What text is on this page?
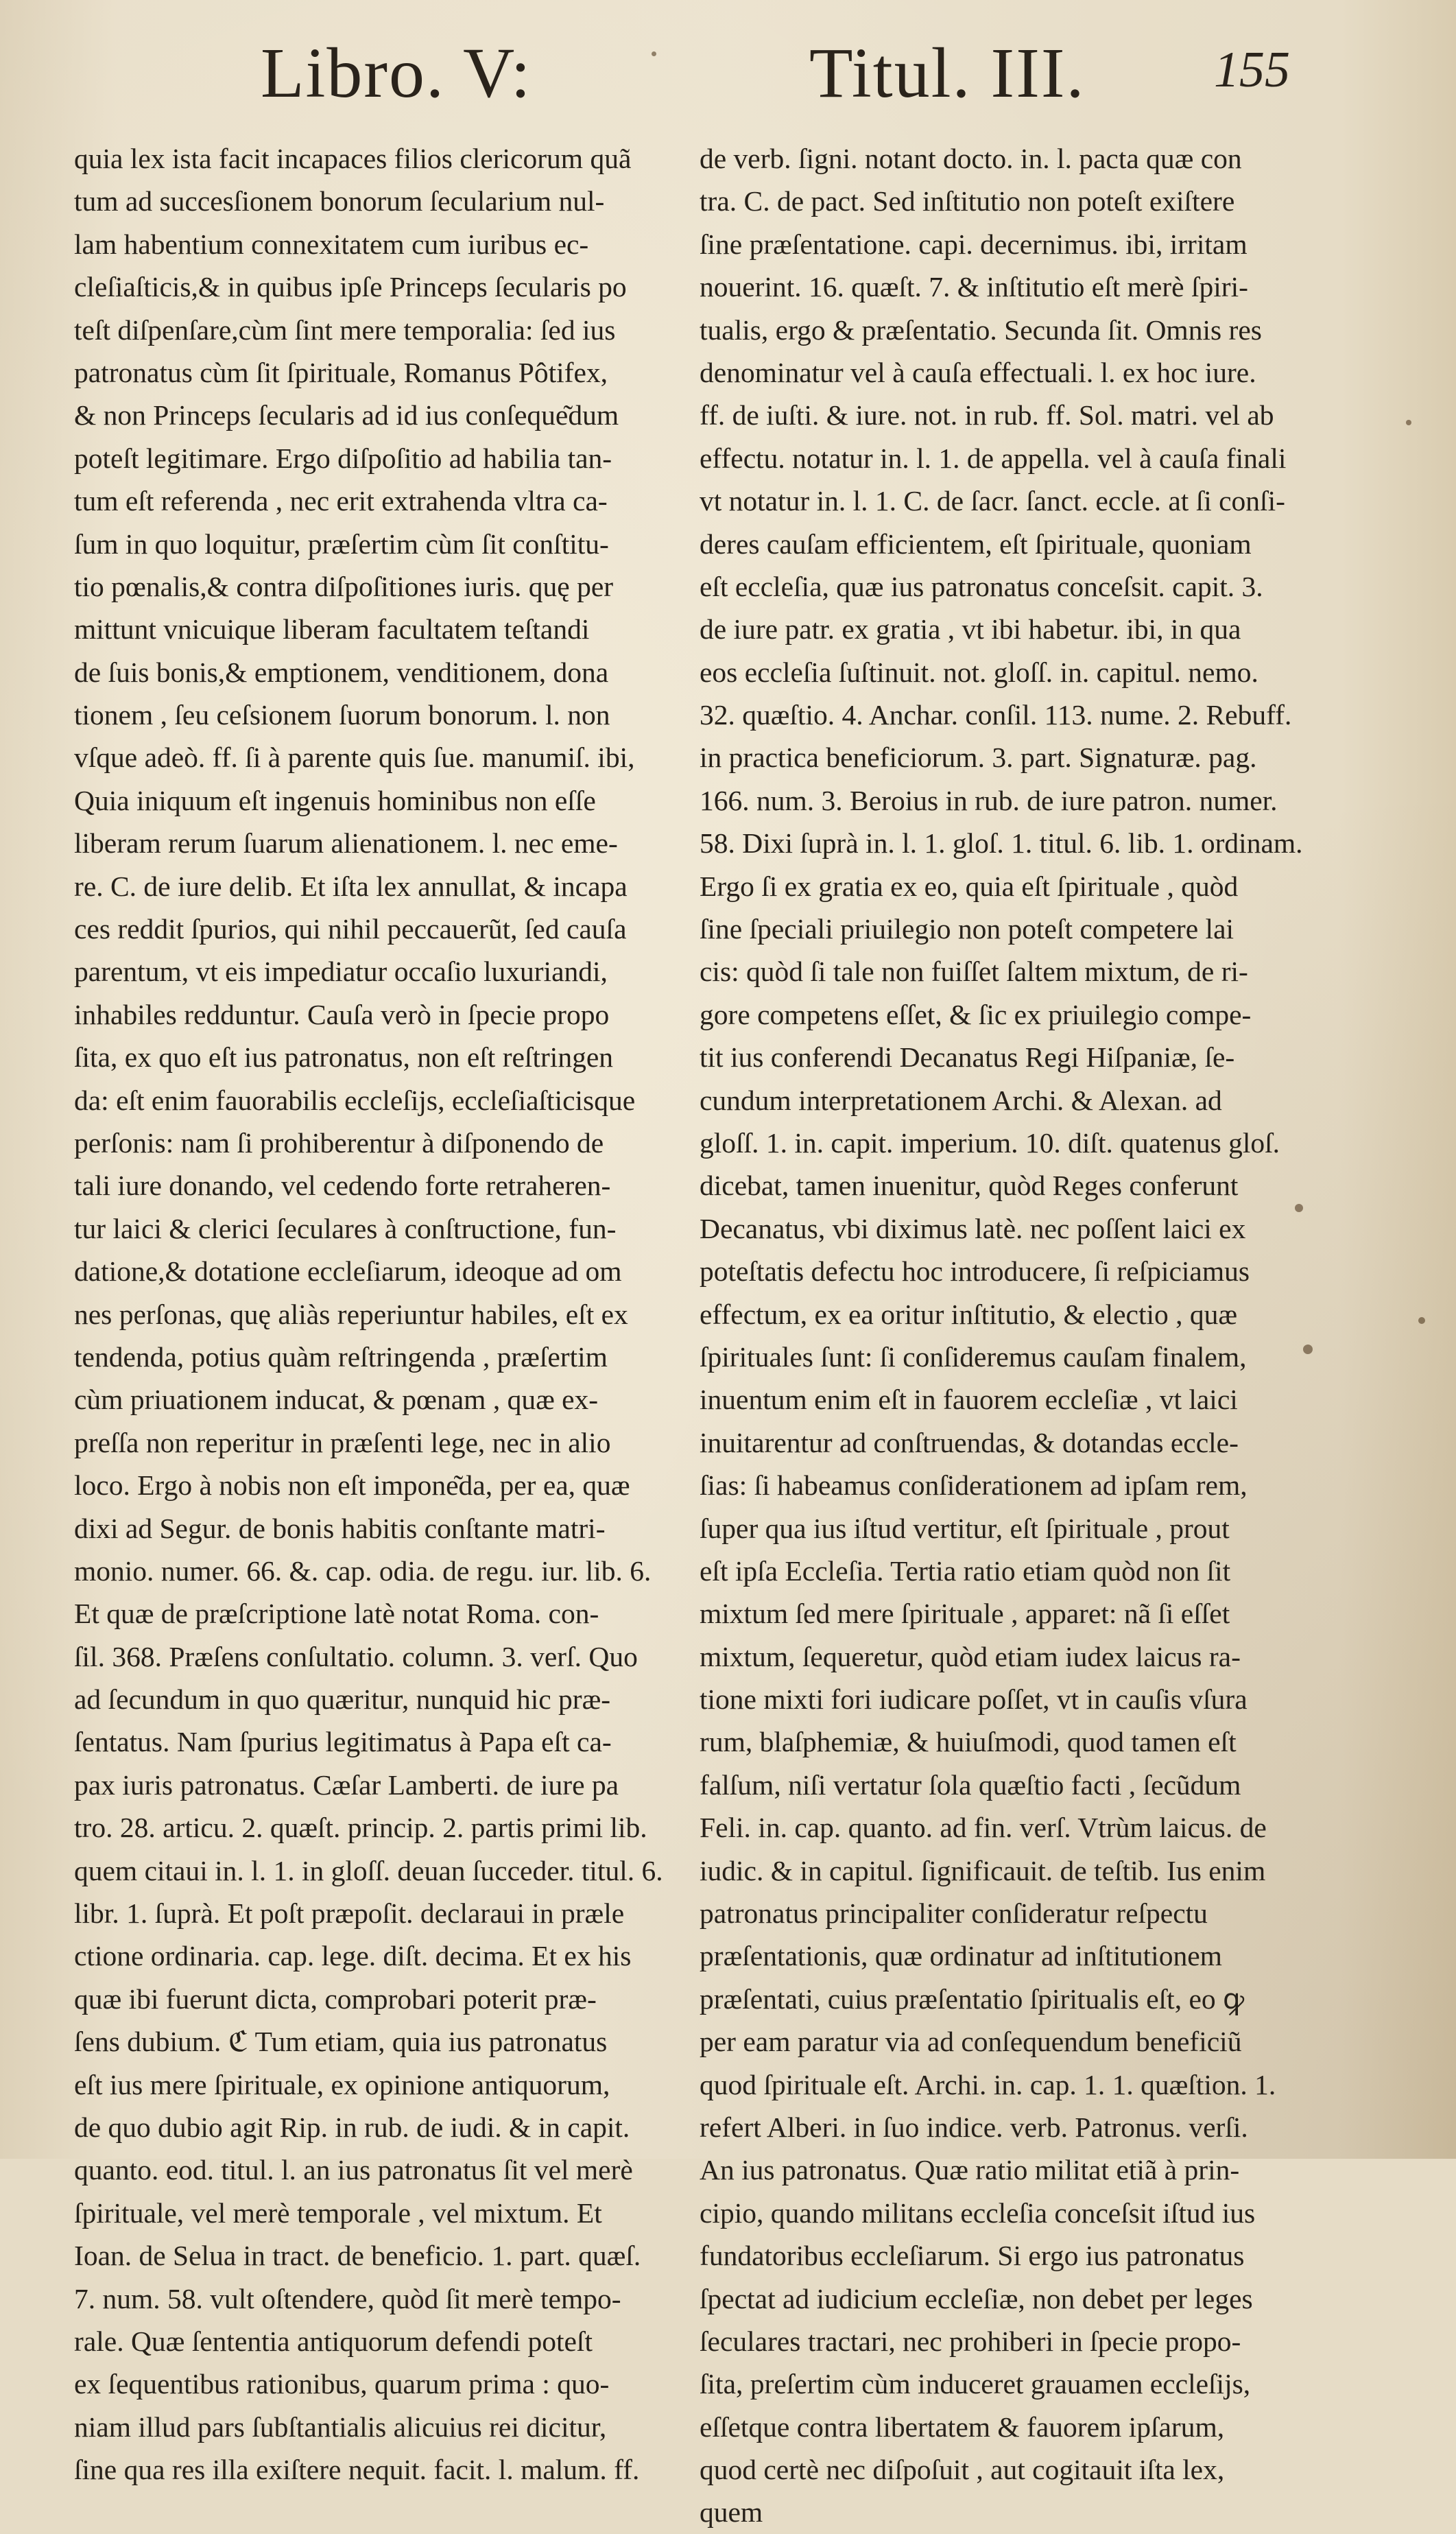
Libro. V:	Titul. III.	155
quia lex ista facit incapaces filios clericorum quã
tum ad succesſionem bonorum ſecularium nul-
lam habentium connexitatem cum iuribus ec-
cleſiaſticis,& in quibus ipſe Princeps ſecularis po
teſt diſpenſare,cùm ſint mere temporalia: ſed ius
patronatus cùm ſit ſpirituale, Romanus Pôtifex,
& non Princeps ſecularis ad id ius conſeque͂dum
poteſt legitimare. Ergo diſpoſitio ad habilia tan-
tum eſt referenda , nec erit extrahenda vltra ca-
ſum in quo loquitur, præſertim cùm ſit conſtitu-
tio pœnalis,& contra diſpoſitiones iuris. quę per
mittunt vnicuique liberam facultatem teſtandi
de ſuis bonis,& emptionem, venditionem, dona
tionem , ſeu ceſsionem ſuorum bonorum. l. non
vſque adeò. ff. ſi à parente quis ſue. manumiſ. ibi,
Quia iniquum eſt ingenuis hominibus non eſſe
liberam rerum ſuarum alienationem. l. nec eme-
re. C. de iure delib. Et iſta lex annullat, & incapa
ces reddit ſpurios, qui nihil peccauerũt, ſed cauſa
parentum, vt eis impediatur occaſio luxuriandi,
inhabiles redduntur. Cauſa verò in ſpecie propo
ſita, ex quo eſt ius patronatus, non eſt reſtringen
da: eſt enim fauorabilis eccleſijs, eccleſiaſticisque
perſonis: nam ſi prohiberentur à diſponendo de
tali iure donando, vel cedendo forte retraheren-
tur laici & clerici ſeculares à conſtructione, fun-
datione,& dotatione eccleſiarum, ideoque ad om
nes perſonas, quę aliàs reperiuntur habiles, eſt ex
tendenda, potius quàm reſtringenda , præſertim
cùm priuationem inducat, & pœnam , quæ ex-
preſſa non reperitur in præſenti lege, nec in alio
loco. Ergo à nobis non eſt impone͂da, per ea, quæ
dixi ad Segur. de bonis habitis conſtante matri-
monio. numer. 66. &. cap. odia. de regu. iur. lib. 6.
Et quæ de præſcriptione latè notat Roma. con-
ſil. 368. Præſens conſultatio. column. 3. verſ. Quo
ad ſecundum in quo quæritur, nunquid hic præ-
ſentatus. Nam ſpurius legitimatus à Papa eſt ca-
pax iuris patronatus. Cæſar Lamberti. de iure pa
tro. 28. articu. 2. quæſt. princip. 2. partis primi lib.
quem citaui in. l. 1. in gloſſ. deuan ſucceder. titul. 6.
libr. 1. ſuprà. Et poſt præpoſit. declaraui in præle
ctione ordinaria. cap. lege. diſt. decima. Et ex his
quæ ibi fuerunt dicta, comprobari poterit præ-
ſens dubium. ℭ Tum etiam, quia ius patronatus
eſt ius mere ſpirituale, ex opinione antiquorum,
de quo dubio agit Rip. in rub. de iudi. & in capit.
quanto. eod. titul. l. an ius patronatus ſit vel merè
ſpirituale, vel merè temporale , vel mixtum. Et
Ioan. de Selua in tract. de beneficio. 1. part. quæſ.
7. num. 58. vult oſtendere, quòd ſit merè tempo-
rale. Quæ ſententia antiquorum defendi poteſt
ex ſequentibus rationibus, quarum prima : quo-
niam illud pars ſubſtantialis alicuius rei dicitur,
ſine qua res illa exiſtere nequit. facit. l. malum. ff.
de verb. ſigni. notant docto. in. l. pacta quæ con
tra. C. de pact. Sed inſtitutio non poteſt exiſtere
ſine præſentatione. capi. decernimus. ibi, irritam
nouerint. 16. quæſt. 7. & inſtitutio eſt merè ſpiri-
tualis, ergo & præſentatio. Secunda ſit. Omnis res
denominatur vel à cauſa effectuali. l. ex hoc iure.
ff. de iuſti. & iure. not. in rub. ff. Sol. matri. vel ab
effectu. notatur in. l. 1. de appella. vel à cauſa finali
vt notatur in. l. 1. C. de ſacr. ſanct. eccle. at ſi conſi-
deres cauſam efficientem, eſt ſpirituale, quoniam
eſt eccleſia, quæ ius patronatus conceſsit. capit. 3.
de iure patr. ex gratia , vt ibi habetur. ibi, in qua
eos eccleſia ſuſtinuit. not. gloſſ. in. capitul. nemo.
32. quæſtio. 4. Anchar. conſil. 113. nume. 2. Rebuff.
in practica beneficiorum. 3. part. Signaturæ. pag.
166. num. 3. Beroius in rub. de iure patron. numer.
58. Dixi ſuprà in. l. 1. gloſ. 1. titul. 6. lib. 1. ordinam.
Ergo ſi ex gratia ex eo, quia eſt ſpirituale , quòd
ſine ſpeciali priuilegio non poteſt competere lai
cis: quòd ſi tale non fuiſſet ſaltem mixtum, de ri-
gore competens eſſet, & ſic ex priuilegio compe-
tit ius conferendi Decanatus Regi Hiſpaniæ, ſe-
cundum interpretationem Archi. & Alexan. ad
gloſſ. 1. in. capit. imperium. 10. diſt. quatenus gloſ.
dicebat, tamen inuenitur, quòd Reges conferunt
Decanatus, vbi diximus latè. nec poſſent laici ex
poteſtatis defectu hoc introducere, ſi reſpiciamus
effectum, ex ea oritur inſtitutio, & electio , quæ
ſpirituales ſunt: ſi conſideremus cauſam finalem,
inuentum enim eſt in fauorem eccleſiæ , vt laici
inuitarentur ad conſtruendas, & dotandas eccle-
ſias: ſi habeamus conſiderationem ad ipſam rem,
ſuper qua ius iſtud vertitur, eſt ſpirituale , prout
eſt ipſa Eccleſia. Tertia ratio etiam quòd non ſit
mixtum ſed mere ſpirituale , apparet: nã ſi eſſet
mixtum, ſequeretur, quòd etiam iudex laicus ra-
tione mixti fori iudicare poſſet, vt in cauſis vſura
rum, blaſphemiæ, & huiuſmodi, quod tamen eſt
falſum, niſi vertatur ſola quæſtio facti , ſecũdum
Feli. in. cap. quanto. ad fin. verſ. Vtrùm laicus. de
iudic. & in capitul. ſignificauit. de teſtib. Ius enim
patronatus principaliter conſideratur reſpectu
præſentationis, quæ ordinatur ad inſtitutionem
præſentati, cuius præſentatio ſpiritualis eſt, eo ꝙ
per eam paratur via ad conſequendum beneficiũ
quod ſpirituale eſt. Archi. in. cap. 1. 1. quæſtion. 1.
refert Alberi. in ſuo indice. verb. Patronus. verſi.
An ius patronatus. Quæ ratio militat etiã à prin-
cipio, quando militans eccleſia conceſsit iſtud ius
fundatoribus eccleſiarum. Si ergo ius patronatus
ſpectat ad iudicium eccleſiæ, non debet per leges
ſeculares tractari, nec prohiberi in ſpecie propo-
ſita, preſertim cùm induceret grauamen eccleſijs,
eſſetque contra libertatem & fauorem ipſarum,
quod certè nec diſpoſuit , aut cogitauit iſta lex,
quem
